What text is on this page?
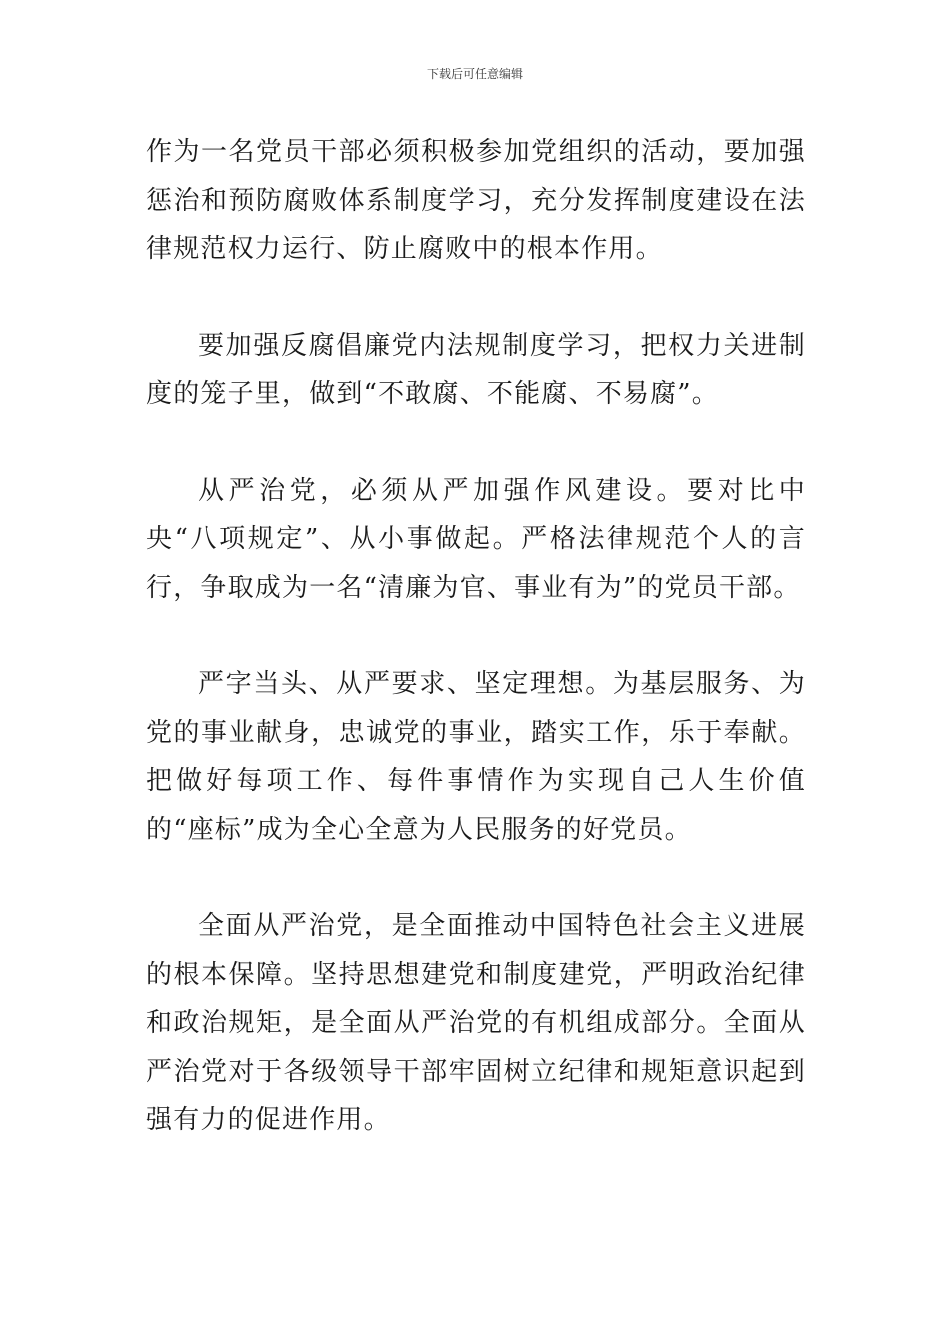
下载后可任意编辑

作为一名党员干部必须积极参加党组织的活动，要加强惩治和预防腐败体系制度学习，充分发挥制度建设在法律规范权力运行、防止腐败中的根本作用。

要加强反腐倡廉党内法规制度学习，把权力关进制度的笼子里，做到“不敢腐、不能腐、不易腐”。

从严治党，必须从严加强作风建设。要对比中央“八项规定”、从小事做起。严格法律规范个人的言行，争取成为一名“清廉为官、事业有为”的党员干部。

严字当头、从严要求、坚定理想。为基层服务、为党的事业献身，忠诚党的事业，踏实工作，乐于奉献。把做好每项工作、每件事情作为实现自己人生价值的“座标”成为全心全意为人民服务的好党员。

全面从严治党，是全面推动中国特色社会主义进展的根本保障。坚持思想建党和制度建党，严明政治纪律和政治规矩，是全面从严治党的有机组成部分。全面从严治党对于各级领导干部牢固树立纪律和规矩意识起到强有力的促进作用。
